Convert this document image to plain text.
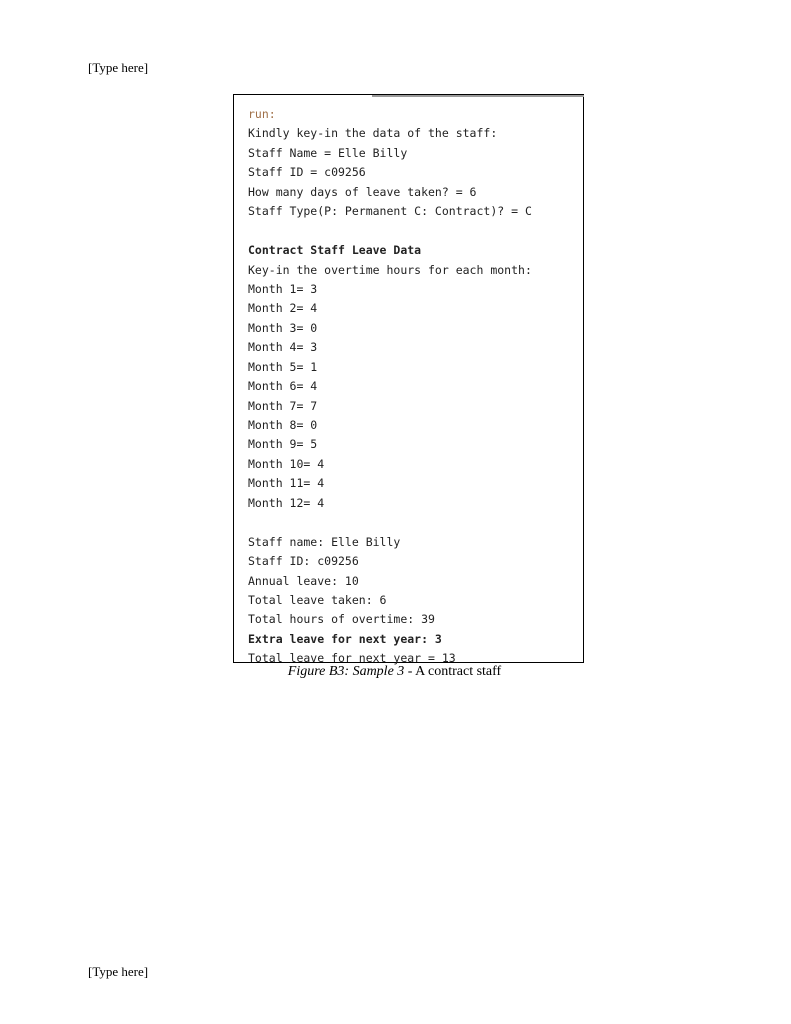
[Type here]
run:
Kindly key-in the data of the staff:
Staff Name = Elle Billy
Staff ID = c09256
How many days of leave taken? = 6
Staff Type(P: Permanent C: Contract)? = C
Contract Staff Leave Data
Key-in the overtime hours for each month:
Month 1= 3
Month 2= 4
Month 3= 0
Month 4= 3
Month 5= 1
Month 6= 4
Month 7= 7
Month 8= 0
Month 9= 5
Month 10= 4
Month 11= 4
Month 12= 4
Staff name: Elle Billy
Staff ID: c09256
Annual leave: 10
Total leave taken: 6
Total hours of overtime: 39
Extra leave for next year: 3
Total leave for next year = 13
Figure B3: Sample 3 - A contract staff
[Type here]
